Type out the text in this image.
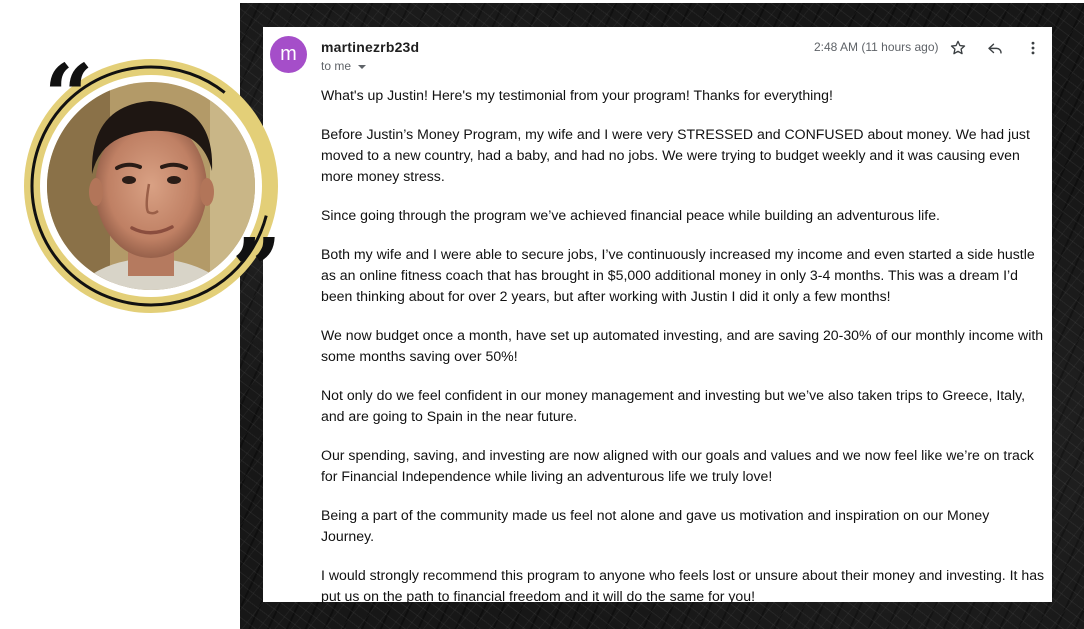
m	martinezrb23d
to me
2:48 AM (11 hours ago)

What's up Justin! Here's my testimonial from your program! Thanks for everything!

Before Justin’s Money Program, my wife and I were very STRESSED and CONFUSED about money. We had just moved to a new country, had a baby, and had no jobs. We were trying to budget weekly and it was causing even more money stress.

Since going through the program we’ve achieved financial peace while building an adventurous life.

Both my wife and I were able to secure jobs, I’ve continuously increased my income and even started a side hustle as an online fitness coach that has brought in $5,000 additional money in only 3-4 months. This was a dream I’d been thinking about for over 2 years, but after working with Justin I did it only a few months!

We now budget once a month, have set up automated investing, and are saving 20-30% of our monthly income with some months saving over 50%!

Not only do we feel confident in our money management and investing but we’ve also taken trips to Greece, Italy, and are going to Spain in the near future.

Our spending, saving, and investing are now aligned with our goals and values and we now feel like we’re on track for Financial Independence while living an adventurous life we truly love!

Being a part of the community made us feel not alone and gave us motivation and inspiration on our Money Journey.

I would strongly recommend this program to anyone who feels lost or unsure about their money and investing. It has put us on the path to financial freedom and it will do the same for you!

“
”
